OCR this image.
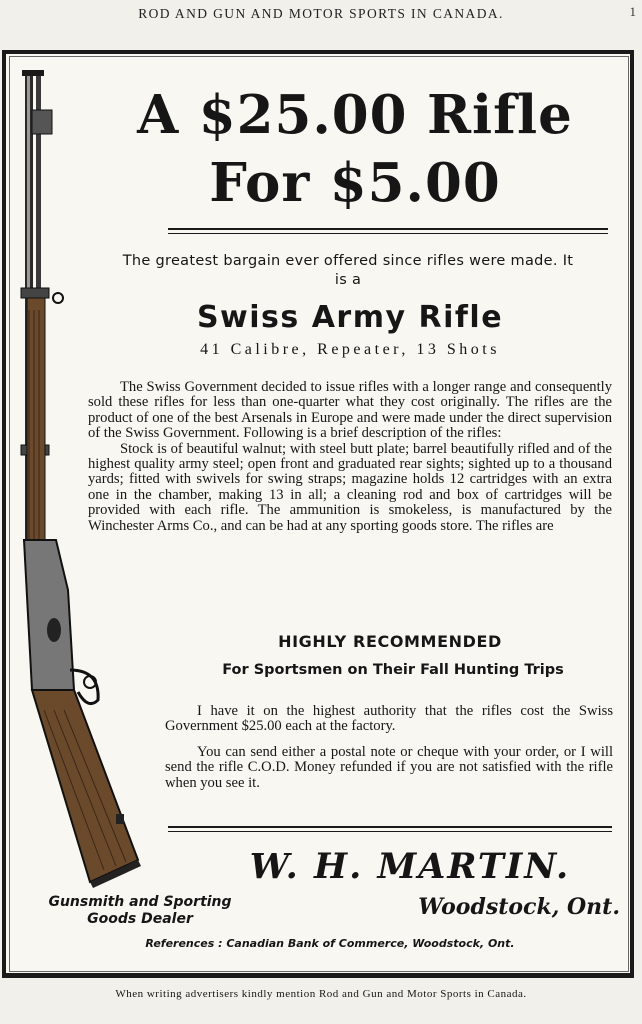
ROD AND GUN AND MOTOR SPORTS IN CANADA.	1
A $25.00 Rifle
For $5.00
The greatest bargain ever offered since rifles were made. It is a
Swiss Army Rifle
41 Calibre, Repeater, 13 Shots

The Swiss Government decided to issue rifles with a longer range and consequently sold these rifles for less than one-quarter what they cost originally. The rifles are the product of one of the best Arsenals in Europe and were made under the direct supervision of the Swiss Government. Following is a brief description of the rifles:

Stock is of beautiful walnut; with steel butt plate; barrel beautifully rifled and of the highest quality army steel; open front and graduated rear sights; sighted up to a thousand yards; fitted with swivels for swing straps; magazine holds 12 cartridges with an extra one in the chamber, making 13 in all; a cleaning rod and box of cartridges will be provided with each rifle. The ammunition is smokeless, is manufactured by the Winchester Arms Co., and can be had at any sporting goods store. The rifles are

HIGHLY RECOMMENDED
For Sportsmen on Their Fall Hunting Trips

I have it on the highest authority that the rifles cost the Swiss Government $25.00 each at the factory.

You can send either a postal note or cheque with your order, or I will send the rifle C.O.D. Money refunded if you are not satisfied with the rifle when you see it.

W. H. MARTIN.
Gunsmith and Sporting
Goods Dealer	Woodstock, Ont.
References : Canadian Bank of Commerce, Woodstock, Ont.
When writing advertisers kindly mention Rod and Gun and Motor Sports in Canada.
